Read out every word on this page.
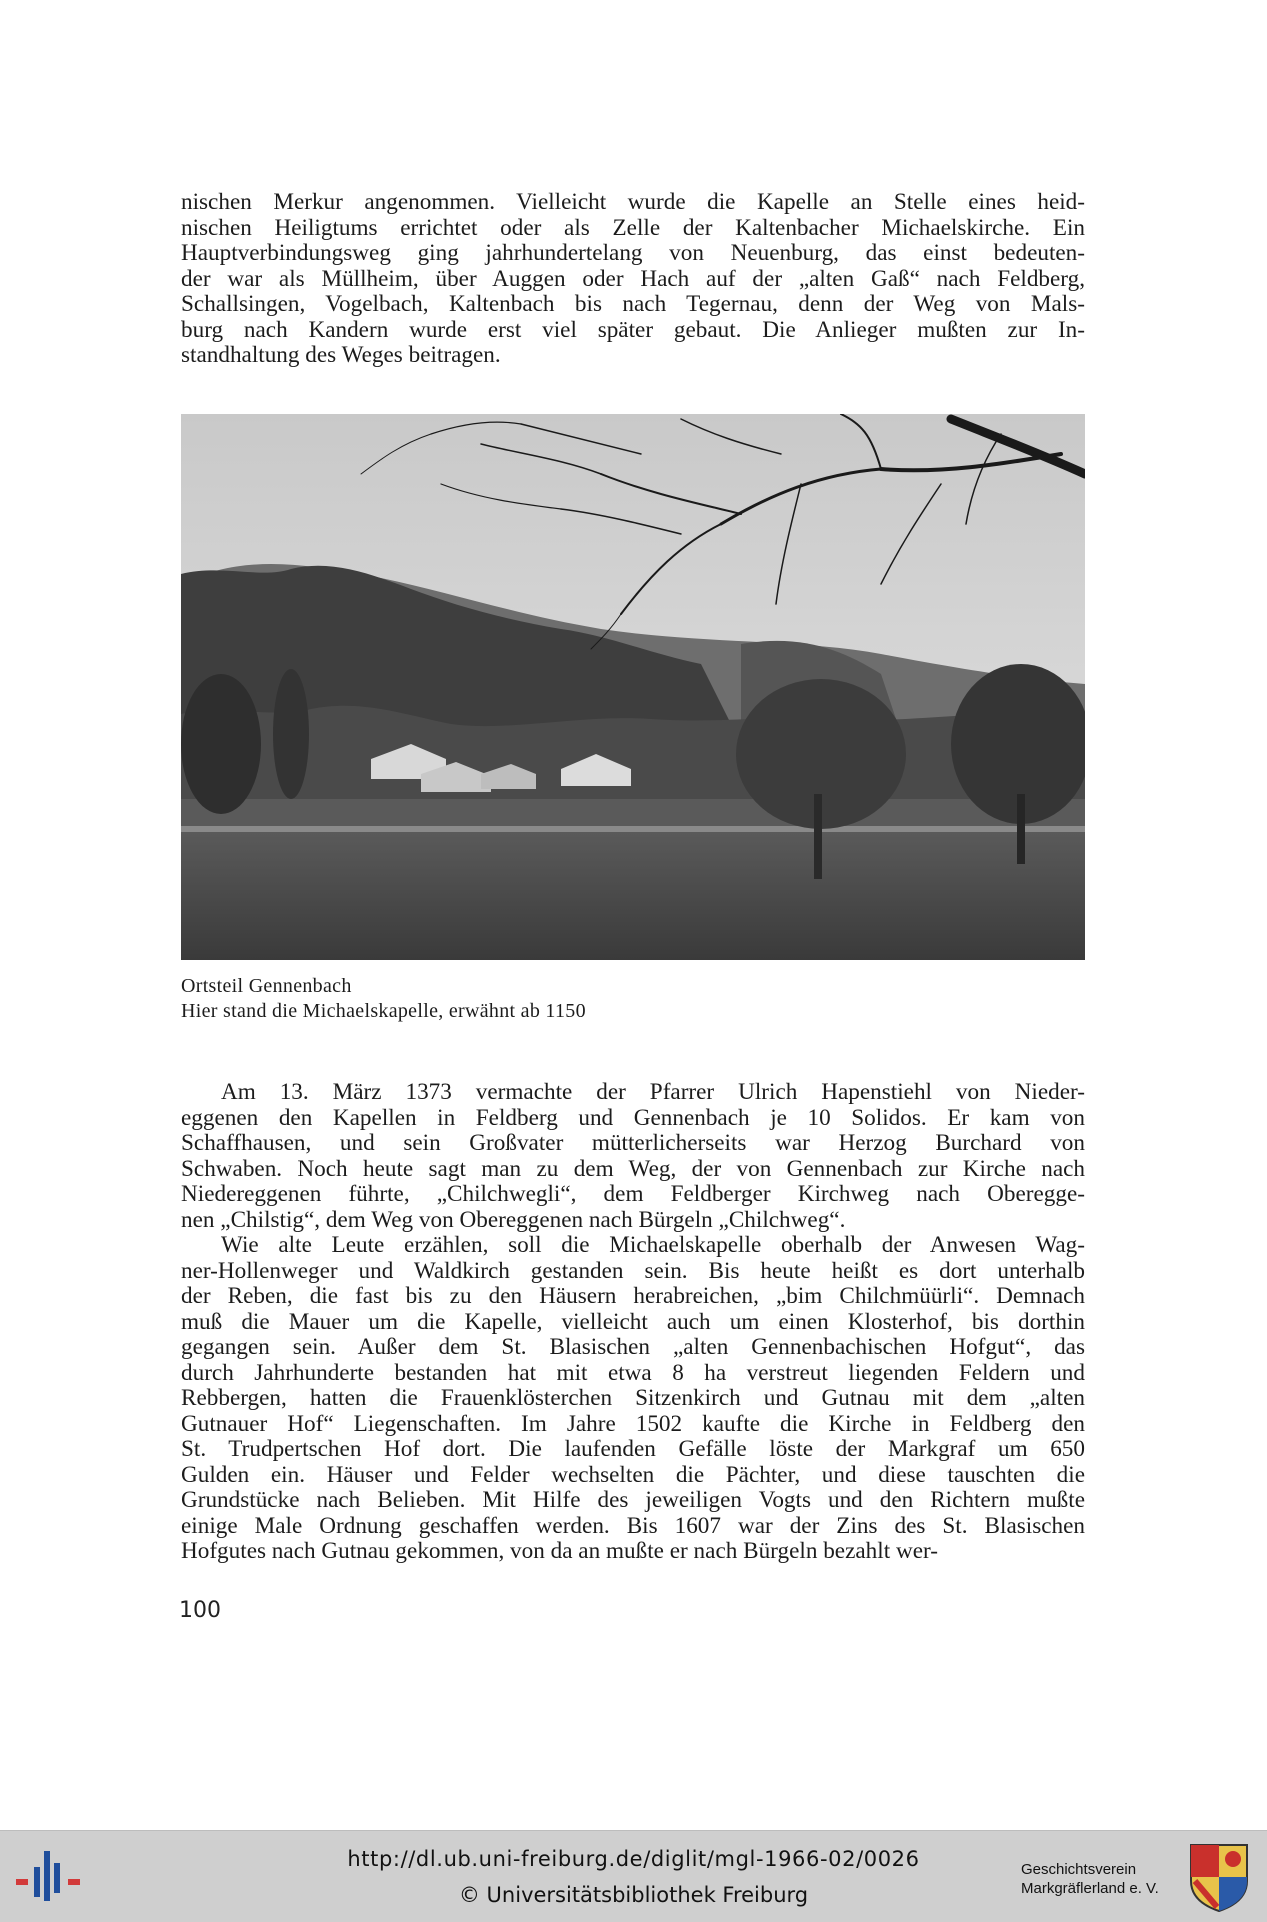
nischen Merkur angenommen. Vielleicht wurde die Kapelle an Stelle eines heid-
nischen Heiligtums errichtet oder als Zelle der Kaltenbacher Michaelskirche. Ein
Hauptverbindungsweg ging jahrhundertelang von Neuenburg, das einst bedeuten-
der war als Müllheim, über Auggen oder Hach auf der „alten Gaß“ nach Feldberg,
Schallsingen, Vogelbach, Kaltenbach bis nach Tegernau, denn der Weg von Mals-
burg nach Kandern wurde erst viel später gebaut. Die Anlieger mußten zur In-
standhaltung des Weges beitragen.

Ortsteil Gennenbach
Hier stand die Michaelskapelle, erwähnt ab 1150

Am 13. März 1373 vermachte der Pfarrer Ulrich Hapenstiehl von Nieder-
eggenen den Kapellen in Feldberg und Gennenbach je 10 Solidos. Er kam von
Schaffhausen, und sein Großvater mütterlicherseits war Herzog Burchard von
Schwaben. Noch heute sagt man zu dem Weg, der von Gennenbach zur Kirche nach
Niedereggenen führte, „Chilchwegli“, dem Feldberger Kirchweg nach Oberegge-
nen „Chilstig“, dem Weg von Obereggenen nach Bürgeln „Chilchweg“.

Wie alte Leute erzählen, soll die Michaelskapelle oberhalb der Anwesen Wag-
ner-Hollenweger und Waldkirch gestanden sein. Bis heute heißt es dort unterhalb
der Reben, die fast bis zu den Häusern herabreichen, „bim Chilchmüürli“. Demnach
muß die Mauer um die Kapelle, vielleicht auch um einen Klosterhof, bis dorthin
gegangen sein. Außer dem St. Blasischen „alten Gennenbachischen Hofgut“, das
durch Jahrhunderte bestanden hat mit etwa 8 ha verstreut liegenden Feldern und
Rebbergen, hatten die Frauenklösterchen Sitzenkirch und Gutnau mit dem „alten
Gutnauer Hof“ Liegenschaften. Im Jahre 1502 kaufte die Kirche in Feldberg den
St. Trudpertschen Hof dort. Die laufenden Gefälle löste der Markgraf um 650
Gulden ein. Häuser und Felder wechselten die Pächter, und diese tauschten die
Grundstücke nach Belieben. Mit Hilfe des jeweiligen Vogts und den Richtern mußte
einige Male Ordnung geschaffen werden. Bis 1607 war der Zins des St. Blasischen
Hofgutes nach Gutnau gekommen, von da an mußte er nach Bürgeln bezahlt wer-

100
http://dl.ub.uni-freiburg.de/diglit/mgl-1966-02/0026
© Universitätsbibliothek Freiburg
Geschichtsverein
Markgräflerland e. V.
